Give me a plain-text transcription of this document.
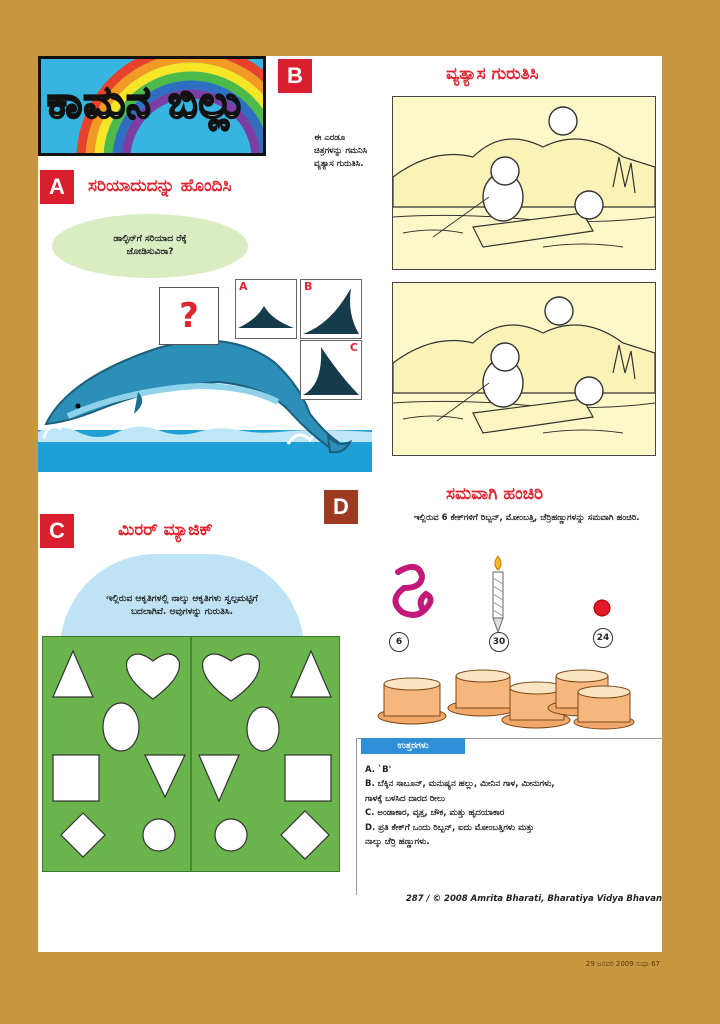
ಕಾಮನ ಬಿಲ್ಲು
B	ವ್ಯತ್ಯಾಸ ಗುರುತಿಸಿ
A	ಸರಿಯಾದುದನ್ನು ಹೊಂದಿಸಿ
ಡಾಲ್ಫಿನ್‌ಗೆ ಸರಿಯಾದ ರೆಕ್ಕೆ ಜೋಡಿಸುವಿರಾ?
?
A	B
C
ಈ ಎರಡೂ ಚಿತ್ರಗಳನ್ನು ಗಮನಿಸಿ ವ್ಯತ್ಯಾಸ ಗುರುತಿಸಿ.
D	ಸಮವಾಗಿ ಹಂಚಿರಿ
ಇಲ್ಲಿರುವ 6 ಕೇಕ್‌ಗಳಿಗೆ ರಿಬ್ಬನ್, ಮೋಂಬತ್ತಿ, ಚೆರ್ರಿಹಣ್ಣುಗಳನ್ನು ಸಮವಾಗಿ ಹಂಚಿರಿ.
C	ಮಿರರ್ ಮ್ಯಾಜಿಕ್
ಇಲ್ಲಿರುವ ಆಕೃತಿಗಳಲ್ಲಿ ನಾಲ್ಕು ಆಕೃತಿಗಳು ಸ್ವಲ್ಪಮಟ್ಟಿಗೆ ಬದಲಾಗಿವೆ. ಅವುಗಳನ್ನು ಗುರುತಿಸಿ.
6	30	24
ಉತ್ತರಗಳು
A. `B'
B. ಬೆಕ್ಕಿನ ಸಾಬೂನ್, ಮನುಷ್ಯನ ಹಲ್ಲು, ಮೀನಿನ ಗಾಳ, ಮೀನುಗಳು,
ಗಾಳಕ್ಕೆ ಬಳಸಿದ ದಾರದ ರೀಲು
C. ಅಂಡಾಕಾರ, ವೃತ್ತ, ಚೌಕ, ಮತ್ತು ಹೃದಯಾಕಾರ
D. ಪ್ರತಿ ಕೇಕ್‌ಗೆ ಒಂದು ರಿಬ್ಬನ್, ಐದು ಮೋಂಬತ್ತಿಗಳು ಮತ್ತು
ನಾಲ್ಕು ಚೆರ್ರಿ ಹಣ್ಣುಗಳು.
287 / © 2008 Amrita Bharati, Bharatiya Vidya Bhavan
29 ಜನವರಿ 2009 ಸುಧಾ 67
